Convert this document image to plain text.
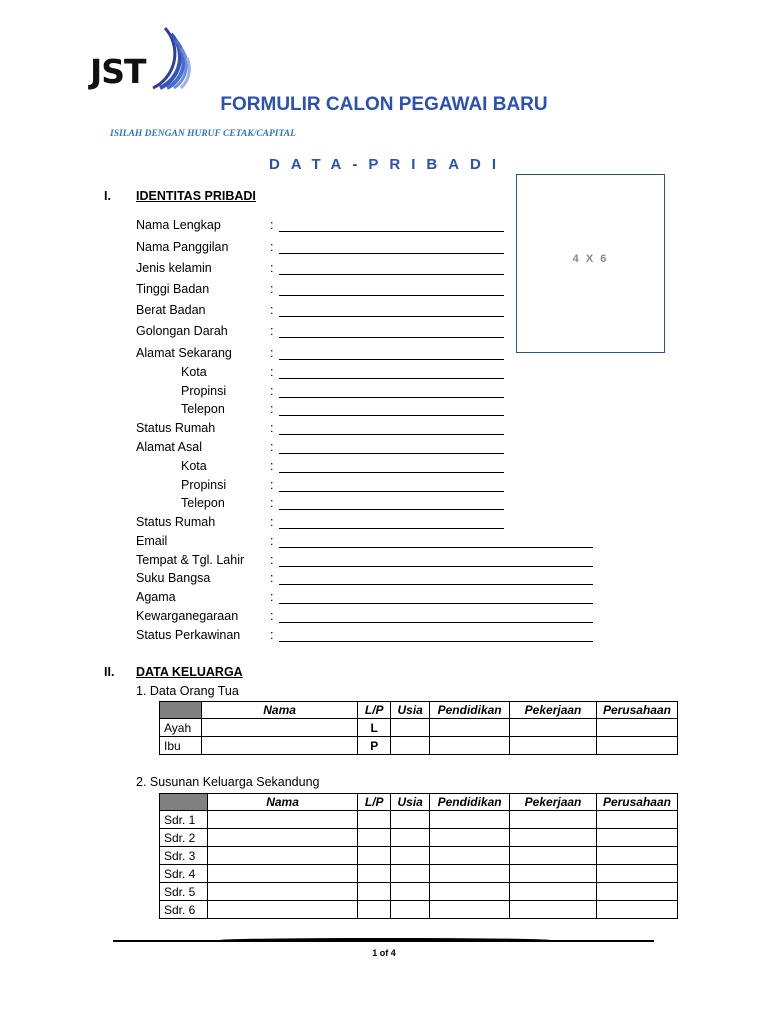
JST
FORMULIR CALON PEGAWAI BARU
ISILAH DENGAN HURUF CETAK/CAPITAL
DATA-PRIBADI
4 X 6
I. IDENTITAS PRIBADI
Nama Lengkap	:
Nama Panggilan	:
Jenis kelamin	:
Tinggi Badan	:
Berat Badan	:
Golongan Darah	:
Alamat Sekarang	:
Kota	:
Propinsi	:
Telepon	:
Status Rumah	:
Alamat Asal	:
Kota	:
Propinsi	:
Telepon	:
Status Rumah	:
Email	:
Tempat & Tgl. Lahir :
Suku Bangsa	:
Agama	:
Kewarganegaraan	:
Status Perkawinan :
II. DATA KELUARGA
1. Data Orang Tua
	Nama	L/P	Usia	Pendidikan	Pekerjaan	Perusahaan
Ayah		L				
Ibu		P				
2. Susunan Keluarga Sekandung
	Nama	L/P	Usia	Pendidikan	Pekerjaan	Perusahaan
Sdr. 1						
Sdr. 2						
Sdr. 3						
Sdr. 4						
Sdr. 5						
Sdr. 6						
1 of 4
